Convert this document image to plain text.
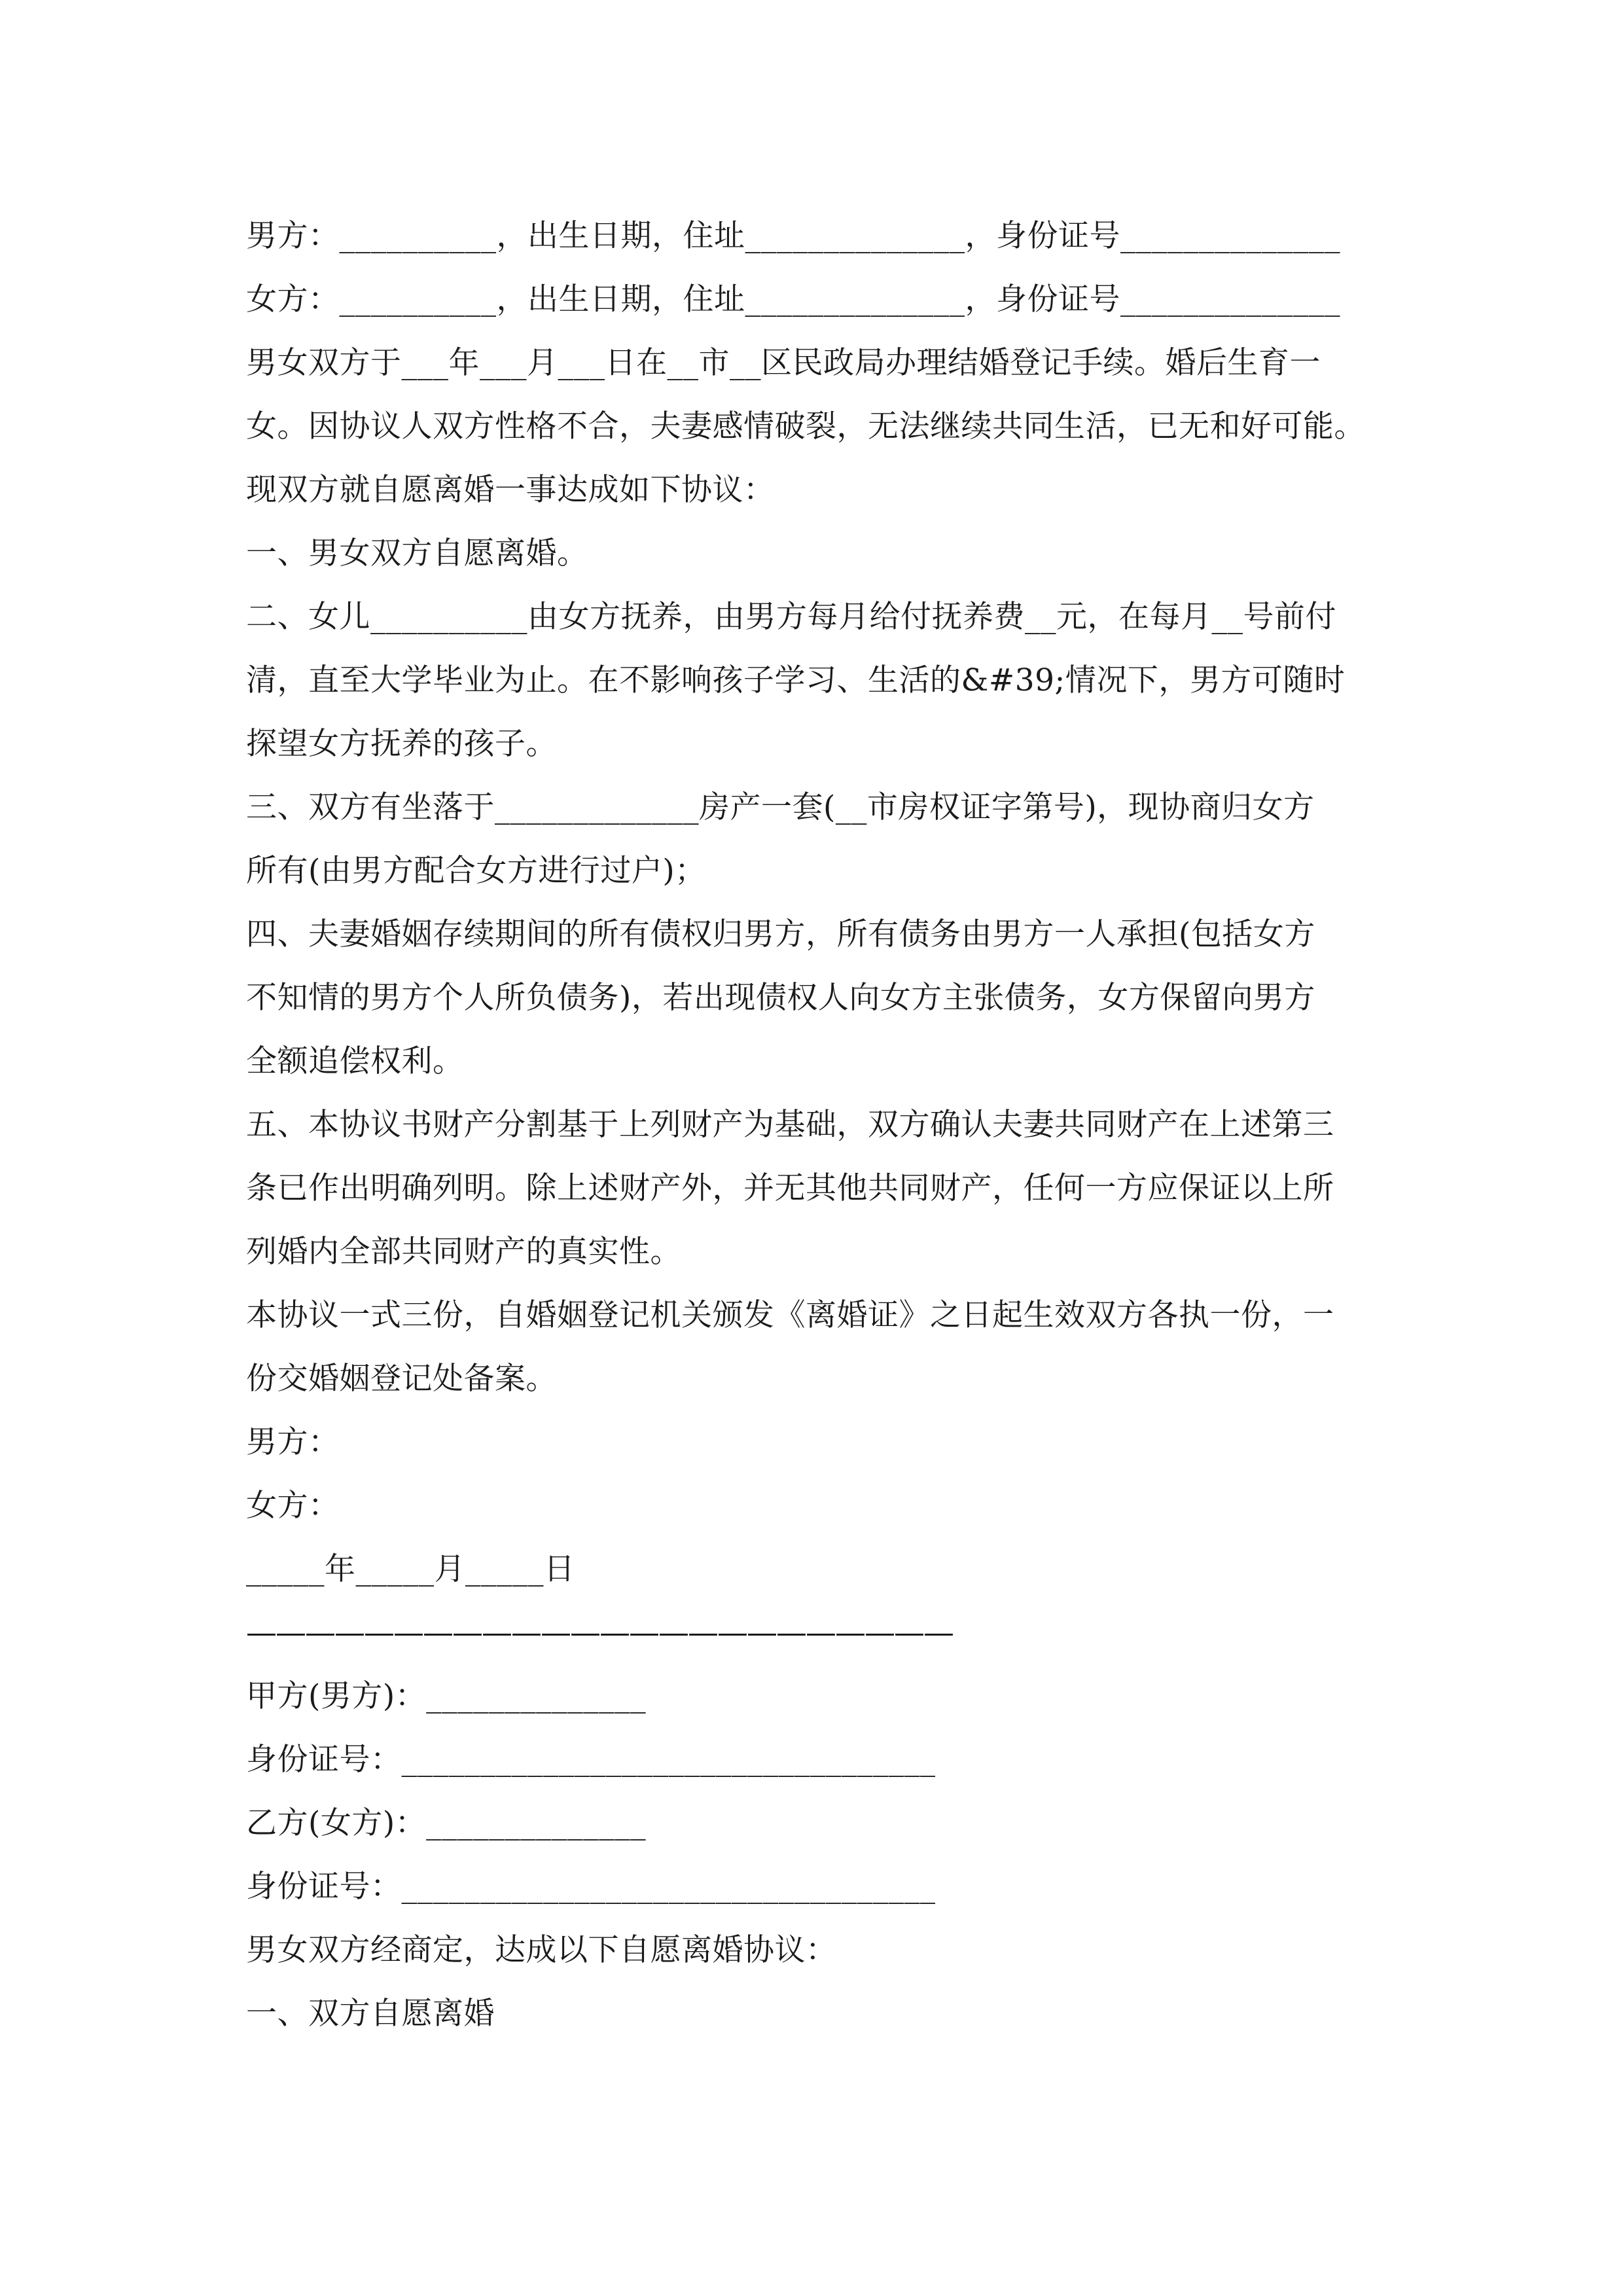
男方：__________，出生日期，住址______________，身份证号______________
女方：__________，出生日期，住址______________，身份证号______________
男女双方于___年___月___日在__市__区民政局办理结婚登记手续。婚后生育一
女。因协议人双方性格不合，夫妻感情破裂，无法继续共同生活，已无和好可能。
现双方就自愿离婚一事达成如下协议：
一、男女双方自愿离婚。
二、女儿__________由女方抚养，由男方每月给付抚养费__元，在每月__号前付
清，直至大学毕业为止。在不影响孩子学习、生活的&#39;情况下，男方可随时
探望女方抚养的孩子。
三、双方有坐落于_____________房产一套(__市房权证字第号)，现协商归女方
所有(由男方配合女方进行过户)；
四、夫妻婚姻存续期间的所有债权归男方，所有债务由男方一人承担(包括女方
不知情的男方个人所负债务)，若出现债权人向女方主张债务，女方保留向男方
全额追偿权利。
五、本协议书财产分割基于上列财产为基础，双方确认夫妻共同财产在上述第三
条已作出明确列明。除上述财产外，并无其他共同财产，任何一方应保证以上所
列婚内全部共同财产的真实性。
本协议一式三份，自婚姻登记机关颁发《离婚证》之日起生效双方各执一份，一
份交婚姻登记处备案。
男方：
女方：
_____年_____月_____日
————————————————————————
甲方(男方)：______________
身份证号：__________________________________
乙方(女方)：______________
身份证号：__________________________________
男女双方经商定，达成以下自愿离婚协议：
一、双方自愿离婚
